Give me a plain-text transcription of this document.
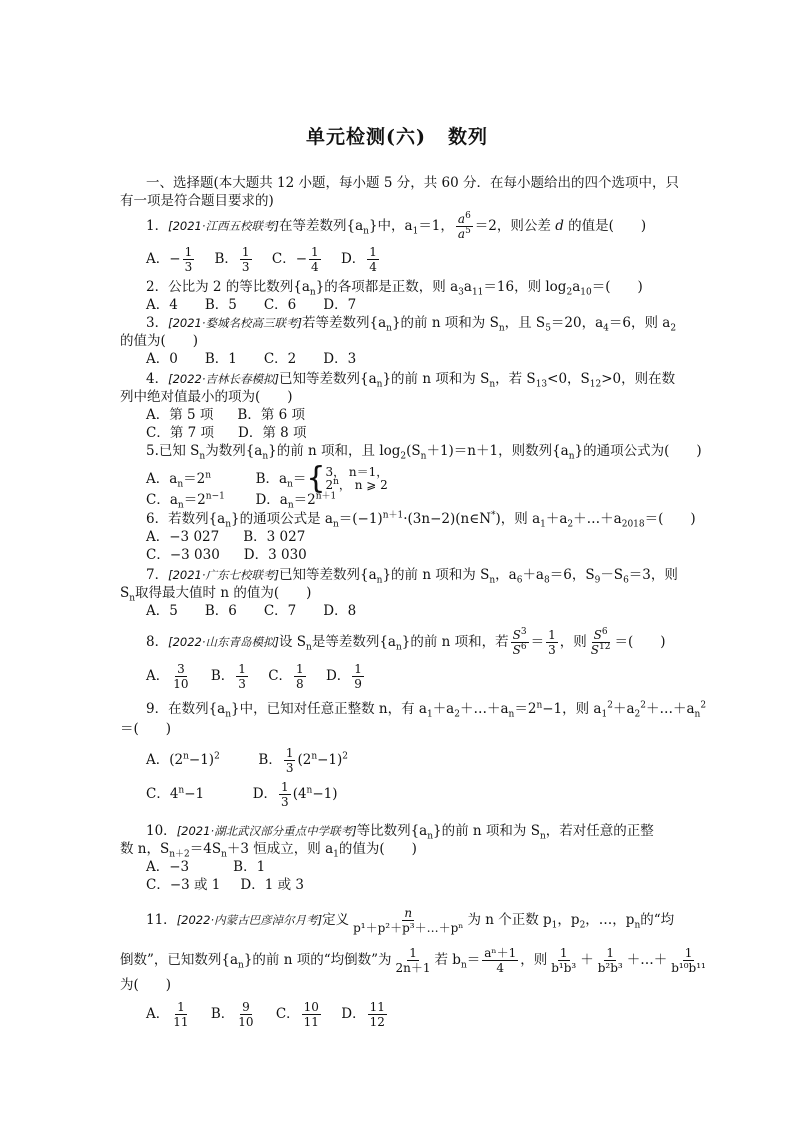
单元检测(六) 数列
一、选择题(本大题共 12 小题，每小题 5 分，共 60 分．在每小题给出的四个选项中，只有一项是符合题目要求的)
1．[2021·江西五校联考]在等差数列$\{a_n\}$中，$a_1=1$， $\frac{a^6}{a^5} =2$，则公差 d 的值是(　　)
A．− $\frac{1}{3}$ B． $\frac{1}{3}$ C．− $\frac{1}{4}$ D． $\frac{1}{4}$
2．公比为 2 的等比数列$\{a_n\}$的各项都是正数，则 $a_3a_{11}=16$，则 $\log_2a_{10}=$(　　)
A．4　　B．5　　C．6　　D．7
3．[2021·婺城名校高三联考]若等差数列$\{a_n\}$的前 n 项和为 $S_n$，且 $S_5=20$，$a_4=6$，则 $a_2$
的值为(　　)
A．0　　B．1　　C．2　　D．3
4．[2022·吉林长春模拟]已知等差数列$\{a_n\}$的前 n 项和为 $S_n$，若 $S_{13}<0$，$S_{12}>0$，则在数
列中绝对值最小的项为(　　)
A．第 5 项 B．第 6 项
C．第 7 项 D．第 8 项
5.已知 $S_n$为数列$\{a_n\}$的前 n 项和，且 $\log_2(S_n+1)=n+1$，则数列$\{a_n\}$的通项公式为(　　)
A．$a_n=2^n$	B．$a_n=${ 3， n＝1，
2$^n$， n ⩾ 2
C．$a_n=2^{n-1}$ D．$a_n=2^{n+1}$
6．若数列$\{a_n\}$的通项公式是 $a_n=(-1)^{n+1}\cdot(3n-2)(n\in N^*)$，则 $a_1+a_2+\dots+a_{2018}=$(　　)
A．−3 027 B．3 027
C．−3 030 D．3 030
7．[2021·广东七校联考]已知等差数列$\{a_n\}$的前 n 项和为 $S_n$，$a_6+a_8=6$，$S_9-S_6=3$，则
$S_n$取得最大值时 n 的值为(　　)
A．5　　B．6　　C．7　　D．8
8．[2022·山东青岛模拟]设 $S_n$是等差数列$\{a_n\}$的前 n 项和，若 $\frac{S^3}{S^6} = \frac{1}{3}$ ，则 $\frac{S^6}{S^{12}}$ ＝(　　)
A． $\frac{3}{10}$ B． $\frac{1}{3}$ C． $\frac{1}{8}$ D． $\frac{1}{9}$
9．在数列$\{a_n\}$中，已知对任意正整数 n，有 $a_1+a_2+\dots+a_n=2^n-1$，则 $a_1^2+a_2^2+\dots+a_n^2$
＝(　　)
A．$(2^n-1)^2$	B． $\frac{1}{3} (2^n-1)^2$
C．$4^n-1$	D． $\frac{1}{3} (4^n-1)$
10．[2021·湖北武汉部分重点中学联考]等比数列$\{a_n\}$的前 n 项和为 $S_n$，若对任意的正整
数 n，$S_{n+2}=4S_n+3$ 恒成立，则 $a_1$的值为(　　)
A．−3	B．1
C．−3 或 1 D．1 或 3
11．[2022·内蒙古巴彦淖尔月考]定义 $\frac{n}{\text{p¹＋p²＋p³＋…＋pⁿ}}$ 为 n 个正数 $p_1$，$p_2$，…，$p_n$的“均
倒数”，已知数列$\{a_n\}$的前 n 项的“均倒数”为 $\frac{1}{2n+1}$ 若 $b_n= \frac{\text{aⁿ＋1}}{4}$ ，则 $\frac{1}{\text{b¹b³}} + \frac{1}{\text{b²b³}}$ ＋…＋ $\frac{1}{\text{b¹⁰b¹¹}}$
为(　　)
A． $\frac{1}{11}$ B． $\frac{9}{10}$ C． $\frac{10}{11}$ D． $\frac{11}{12}$
